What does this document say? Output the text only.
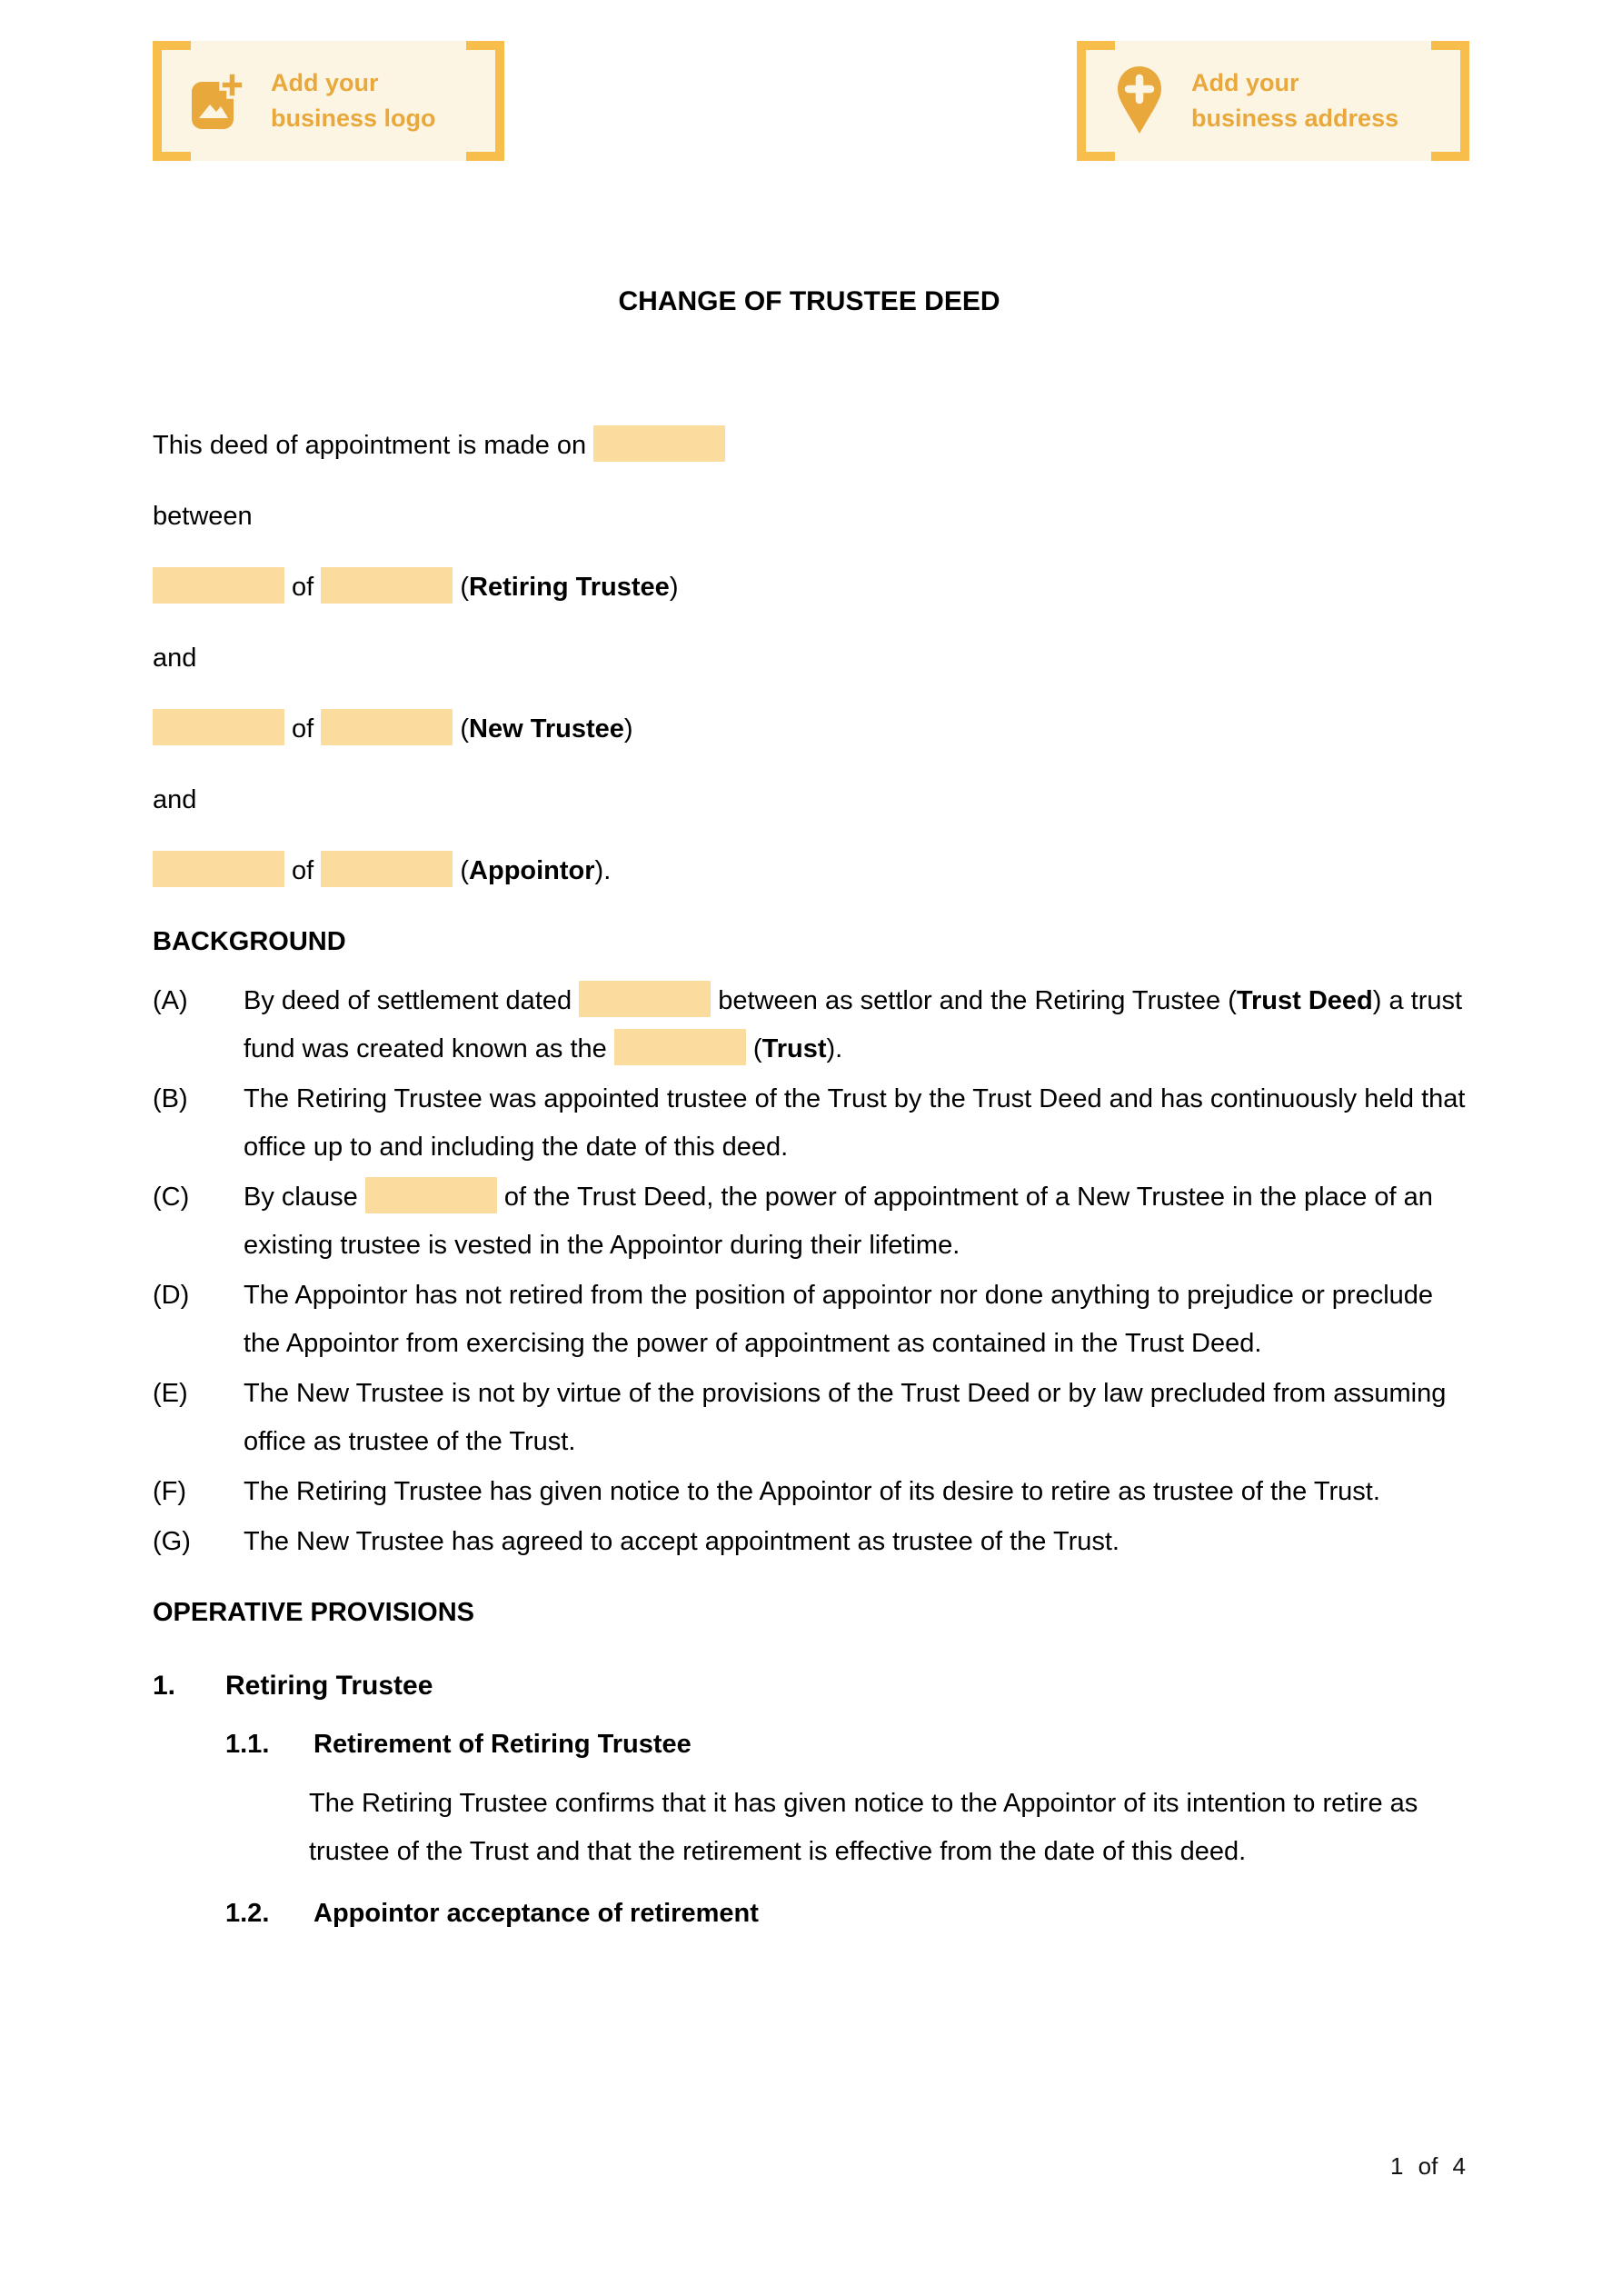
Add your
business logo
Add your
business address
CHANGE OF TRUSTEE DEED

This deed of appointment is made on

between

of	(Retiring Trustee)

and

of	(New Trustee)

and

of	(Appointor).

BACKGROUND
(A)	By deed of settlement dated	between as settlor and the Retiring Trustee (Trust Deed) a trust fund was created known as the	(Trust).
(B)	The Retiring Trustee was appointed trustee of the Trust by the Trust Deed and has continuously held that office up to and including the date of this deed.
(C)	By clause	of the Trust Deed, the power of appointment of a New Trustee in the place of an existing trustee is vested in the Appointor during their lifetime.
(D)	The Appointor has not retired from the position of appointor nor done anything to prejudice or preclude the Appointor from exercising the power of appointment as contained in the Trust Deed.
(E)	The New Trustee is not by virtue of the provisions of the Trust Deed or by law precluded from assuming office as trustee of the Trust.
(F)	The Retiring Trustee has given notice to the Appointor of its desire to retire as trustee of the Trust.
(G)	The New Trustee has agreed to accept appointment as trustee of the Trust.
OPERATIVE PROVISIONS
1.	Retiring Trustee
1.1.	Retirement of Retiring Trustee

The Retiring Trustee confirms that it has given notice to the Appointor of its intention to retire as trustee of the Trust and that the retirement is effective from the date of this deed.

1.2.	Appointor acceptance of retirement
1 of 4
